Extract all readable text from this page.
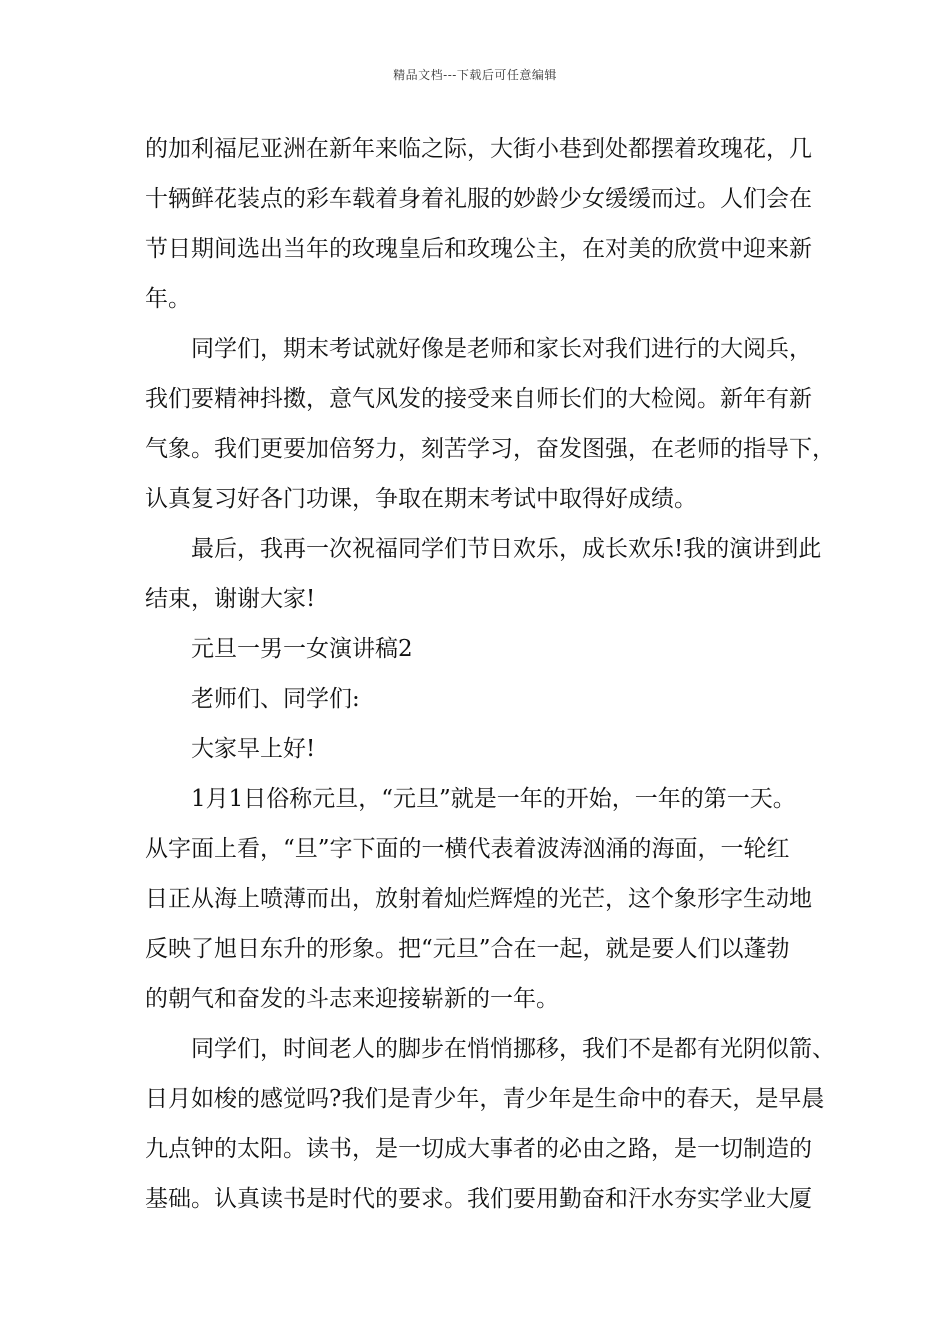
精品文档---下载后可任意编辑
的加利福尼亚洲在新年来临之际，大街小巷到处都摆着玫瑰花，几
十辆鲜花装点的彩车载着身着礼服的妙龄少女缓缓而过。人们会在
节日期间选出当年的玫瑰皇后和玫瑰公主，在对美的欣赏中迎来新
年。
同学们，期末考试就好像是老师和家长对我们进行的大阅兵，
我们要精神抖擞，意气风发的接受来自师长们的大检阅。新年有新
气象。我们更要加倍努力，刻苦学习，奋发图强，在老师的指导下，
认真复习好各门功课，争取在期末考试中取得好成绩。
最后，我再一次祝福同学们节日欢乐，成长欢乐!我的演讲到此
结束，谢谢大家!
元旦一男一女演讲稿2
老师们、同学们:
大家早上好!
1月1日俗称元旦，“元旦”就是一年的开始，一年的第一天。
从字面上看，“旦”字下面的一横代表着波涛汹涌的海面，一轮红
日正从海上喷薄而出，放射着灿烂辉煌的光芒，这个象形字生动地
反映了旭日东升的形象。把“元旦”合在一起，就是要人们以蓬勃
的朝气和奋发的斗志来迎接崭新的一年。
同学们，时间老人的脚步在悄悄挪移，我们不是都有光阴似箭、
日月如梭的感觉吗?我们是青少年，青少年是生命中的春天，是早晨
九点钟的太阳。读书，是一切成大事者的必由之路，是一切制造的
基础。认真读书是时代的要求。我们要用勤奋和汗水夯实学业大厦
